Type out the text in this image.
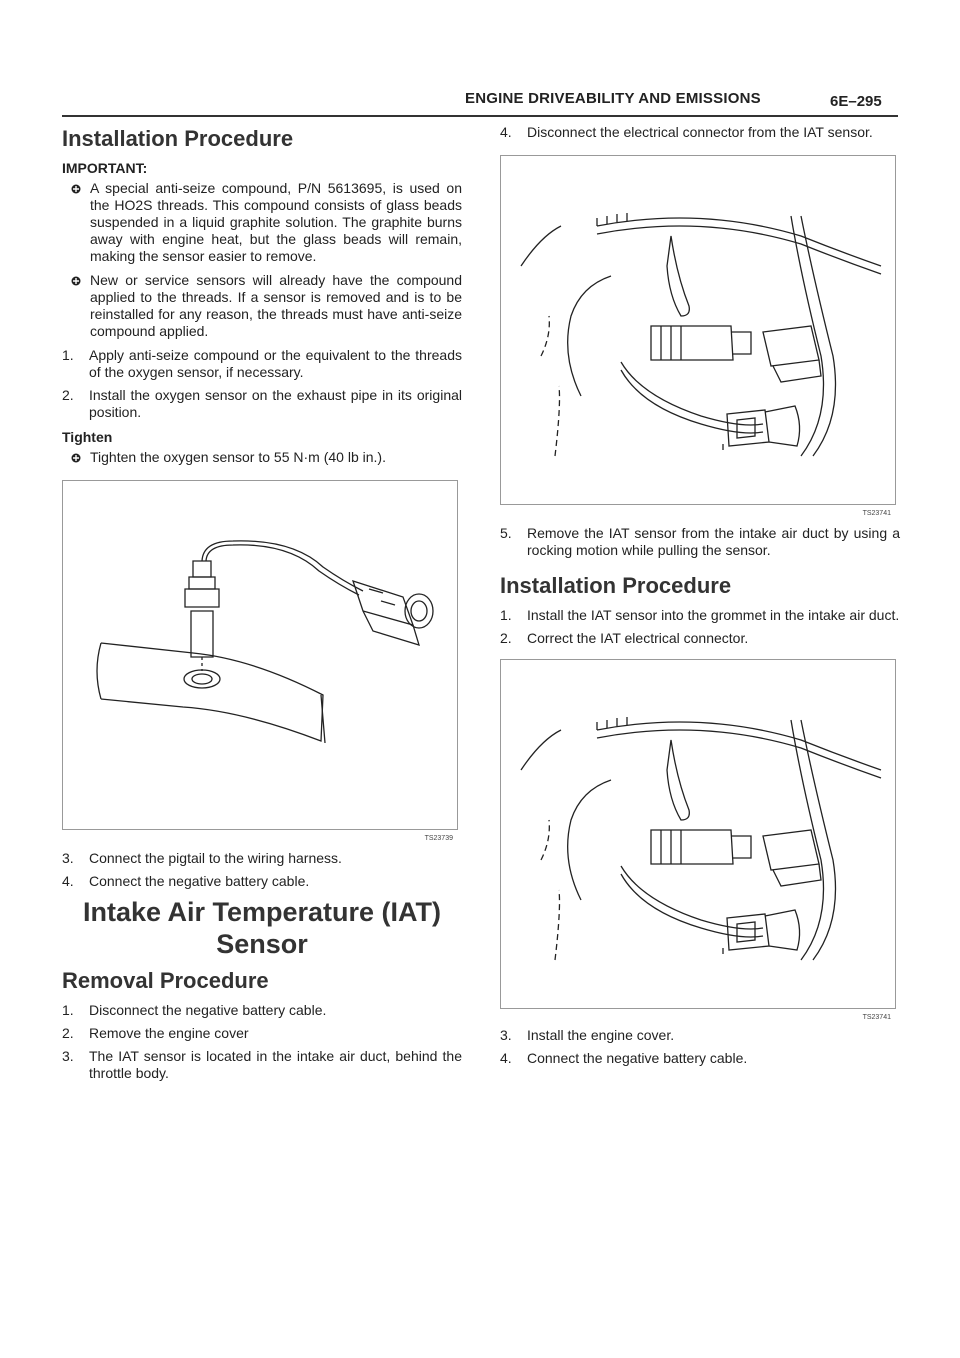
ENGINE DRIVEABILITY AND EMISSIONS	6E–295
Installation Procedure
IMPORTANT:
A special anti-seize compound, P/N 5613695, is used on the HO2S threads. This compound consists of glass beads suspended in a liquid graphite solution. The graphite burns away with engine heat, but the glass beads will remain, making the sensor easier to remove.
New or service sensors will already have the compound applied to the threads. If a sensor is removed and is to be reinstalled for any reason, the threads must have anti-seize compound applied.
1. Apply anti-seize compound or the equivalent to the threads of the oxygen sensor, if necessary.
2. Install the oxygen sensor on the exhaust pipe in its original position.
Tighten
Tighten the oxygen sensor to 55 N·m (40 lb in.).
TS23739
3. Connect the pigtail to the wiring harness.
4. Connect the negative battery cable.
Intake Air Temperature (IAT)
Sensor
Removal Procedure
1. Disconnect the negative battery cable.
2. Remove the engine cover
3. The IAT sensor is located in the intake air duct, behind the throttle body.
4. Disconnect the electrical connector from the IAT sensor.
TS23741
5. Remove the IAT sensor from the intake air duct by using a rocking motion while pulling the sensor.
Installation Procedure
1. Install the IAT sensor into the grommet in the intake air duct.
2. Correct the IAT electrical connector.
TS23741
3. Install the engine cover.
4. Connect the negative battery cable.
